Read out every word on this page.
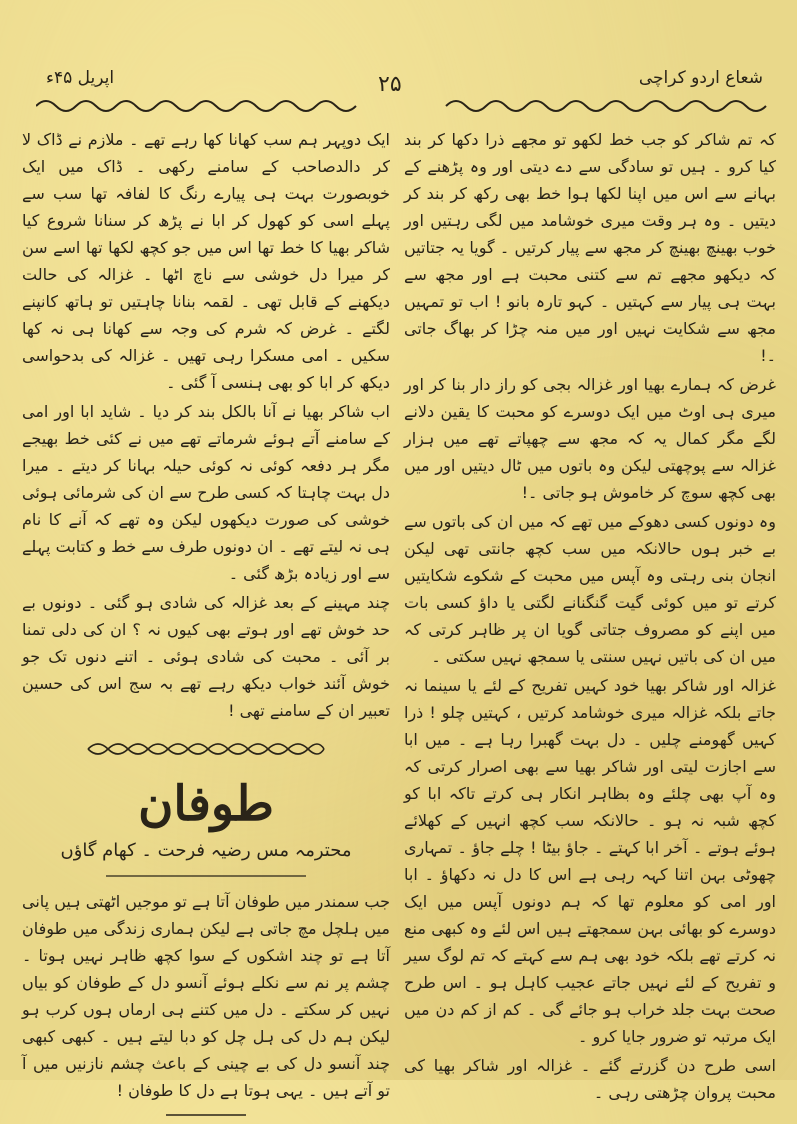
شعاع اردو کراچی
۲۵
اپریل ۴۵ء

کہ تم شاکر کو جب خط لکھو تو مجھے ذرا دکھا کر بند کیا کرو ۔ ہیں تو سادگی سے دے دیتی اور وہ پڑھنے کے بہانے سے اس میں اپنا لکھا ہوا خط بھی رکھ کر بند کر دیتیں ۔ وہ ہر وقت میری خوشامد میں لگی رہتیں اور خوب بھینچ بھینچ کر مجھ سے پیار کرتیں ۔ گویا یہ جتاتیں کہ دیکھو مجھے تم سے کتنی محبت ہے اور مجھ سے بہت ہی پیار سے کہتیں ۔ کہو تارہ بانو ! اب تو تمہیں مجھ سے شکایت نہیں اور میں منہ چڑا کر بھاگ جاتی ۔!

غرض کہ ہمارے بھیا اور غزالہ بجی کو راز دار بنا کر اور میری ہی اوٹ میں ایک دوسرے کو محبت کا یقین دلانے لگے مگر کمال یہ کہ مجھ سے چھپاتے تھے میں ہزار غزالہ سے پوچھتی لیکن وہ باتوں میں ٹال دیتیں اور میں بھی کچھ سوچ کر خاموش ہو جاتی ۔!

وہ دونوں کسی دھوکے میں تھے کہ میں ان کی باتوں سے بے خبر ہوں حالانکہ میں سب کچھ جانتی تھی لیکن انجان بنی رہتی وہ آپس میں محبت کے شکوے شکایتیں کرتے تو میں کوئی گیت گنگنانے لگتی یا داؤ کسی بات میں اپنے کو مصروف جتاتی گویا ان پر ظاہر کرتی کہ میں ان کی باتیں نہیں سنتی یا سمجھ نہیں سکتی ۔

غزالہ اور شاکر بھیا خود کہیں تفریح کے لئے یا سینما نہ جاتے بلکہ غزالہ میری خوشامد کرتیں ، کہتیں چلو ! ذرا کہیں گھومنے چلیں ۔ دل بہت گھبرا رہا ہے ۔ میں ابا سے اجازت لیتی اور شاکر بھیا سے بھی اصرار کرتی کہ وہ آپ بھی چلئے وہ بظاہر انکار ہی کرتے تاکہ ابا کو کچھ شبہ نہ ہو ۔ حالانکہ سب کچھ انہیں کے کھلائے ہوئے ہوتے ۔ آخر ابا کہتے ۔ جاؤ بیٹا ! چلے جاؤ ۔ تمہاری چھوٹی بہن اتنا کہہ رہی ہے اس کا دل نہ دکھاؤ ۔ ابا اور امی کو معلوم تھا کہ ہم دونوں آپس میں ایک دوسرے کو بھائی بہن سمجھتے ہیں اس لئے وہ کبھی منع نہ کرتے تھے بلکہ خود بھی ہم سے کہتے کہ تم لوگ سیر و تفریح کے لئے نہیں جاتے عجیب کاہل ہو ۔ اس طرح صحت بہت جلد خراب ہو جائے گی ۔ کم از کم دن میں ایک مرتبہ تو ضرور جایا کرو ۔

اسی طرح دن گزرتے گئے ۔ غزالہ اور شاکر بھیا کی محبت پروان چڑھتی رہی ۔

ایک دوپہر ہم سب کھانا کھا رہے تھے ۔ ملازم نے ڈاک لا کر دالدصاحب کے سامنے رکھی ۔ ڈاک میں ایک خوبصورت بہت ہی پیارے رنگ کا لفافہ تھا سب سے پہلے اسی کو کھول کر ابا نے پڑھ کر سنانا شروع کیا شاکر بھیا کا خط تھا اس میں جو کچھ لکھا تھا اسے سن کر میرا دل خوشی سے ناچ اٹھا ۔ غزالہ کی حالت دیکھنے کے قابل تھی ۔ لقمہ بنانا چاہتیں تو ہاتھ کانپنے لگتے ۔ غرض کہ شرم کی وجہ سے کھانا ہی نہ کھا سکیں ۔ امی مسکرا رہی تھیں ۔ غزالہ کی بدحواسی دیکھ کر ابا کو بھی ہنسی آ گئی ۔

اب شاکر بھیا نے آنا بالکل بند کر دیا ۔ شاید ابا اور امی کے سامنے آتے ہوئے شرماتے تھے میں نے کئی خط بھیجے مگر ہر دفعہ کوئی نہ کوئی حیلہ بہانا کر دیتے ۔ میرا دل بہت چاہتا کہ کسی طرح سے ان کی شرمائی ہوئی خوشی کی صورت دیکھوں لیکن وہ تھے کہ آنے کا نام ہی نہ لیتے تھے ۔ ان دونوں طرف سے خط و کتابت پہلے سے اور زیادہ بڑھ گئی ۔

چند مہینے کے بعد غزالہ کی شادی ہو گئی ۔ دونوں بے حد خوش تھے اور ہوتے بھی کیوں نہ ؟ ان کی دلی تمنا بر آئی ۔ محبت کی شادی ہوئی ۔ اتنے دنوں تک جو خوش آئند خواب دیکھ رہے تھے بہ سج اس کی حسین تعبیر ان کے سامنے تھی !

طوفان
محترمہ مس رضیہ فرحت ۔ کھام گاؤں

جب سمندر میں طوفان آتا ہے تو موجیں اٹھتی ہیں پانی میں ہلچل مچ جاتی ہے لیکن ہماری زندگی میں طوفان آتا ہے تو چند اشکوں کے سوا کچھ ظاہر نہیں ہوتا ۔ چشم پر نم سے نکلے ہوئے آنسو دل کے طوفان کو بیاں نہیں کر سکتے ۔ دل میں کتنے ہی ارماں ہوں کرب ہو لیکن ہم دل کی ہل چل کو دبا لیتے ہیں ۔ کبھی کبھی چند آنسو دل کی بے چینی کے باعث چشم نازنیں میں آ تو آتے ہیں ۔ یہی ہوتا ہے دل کا طوفان !
